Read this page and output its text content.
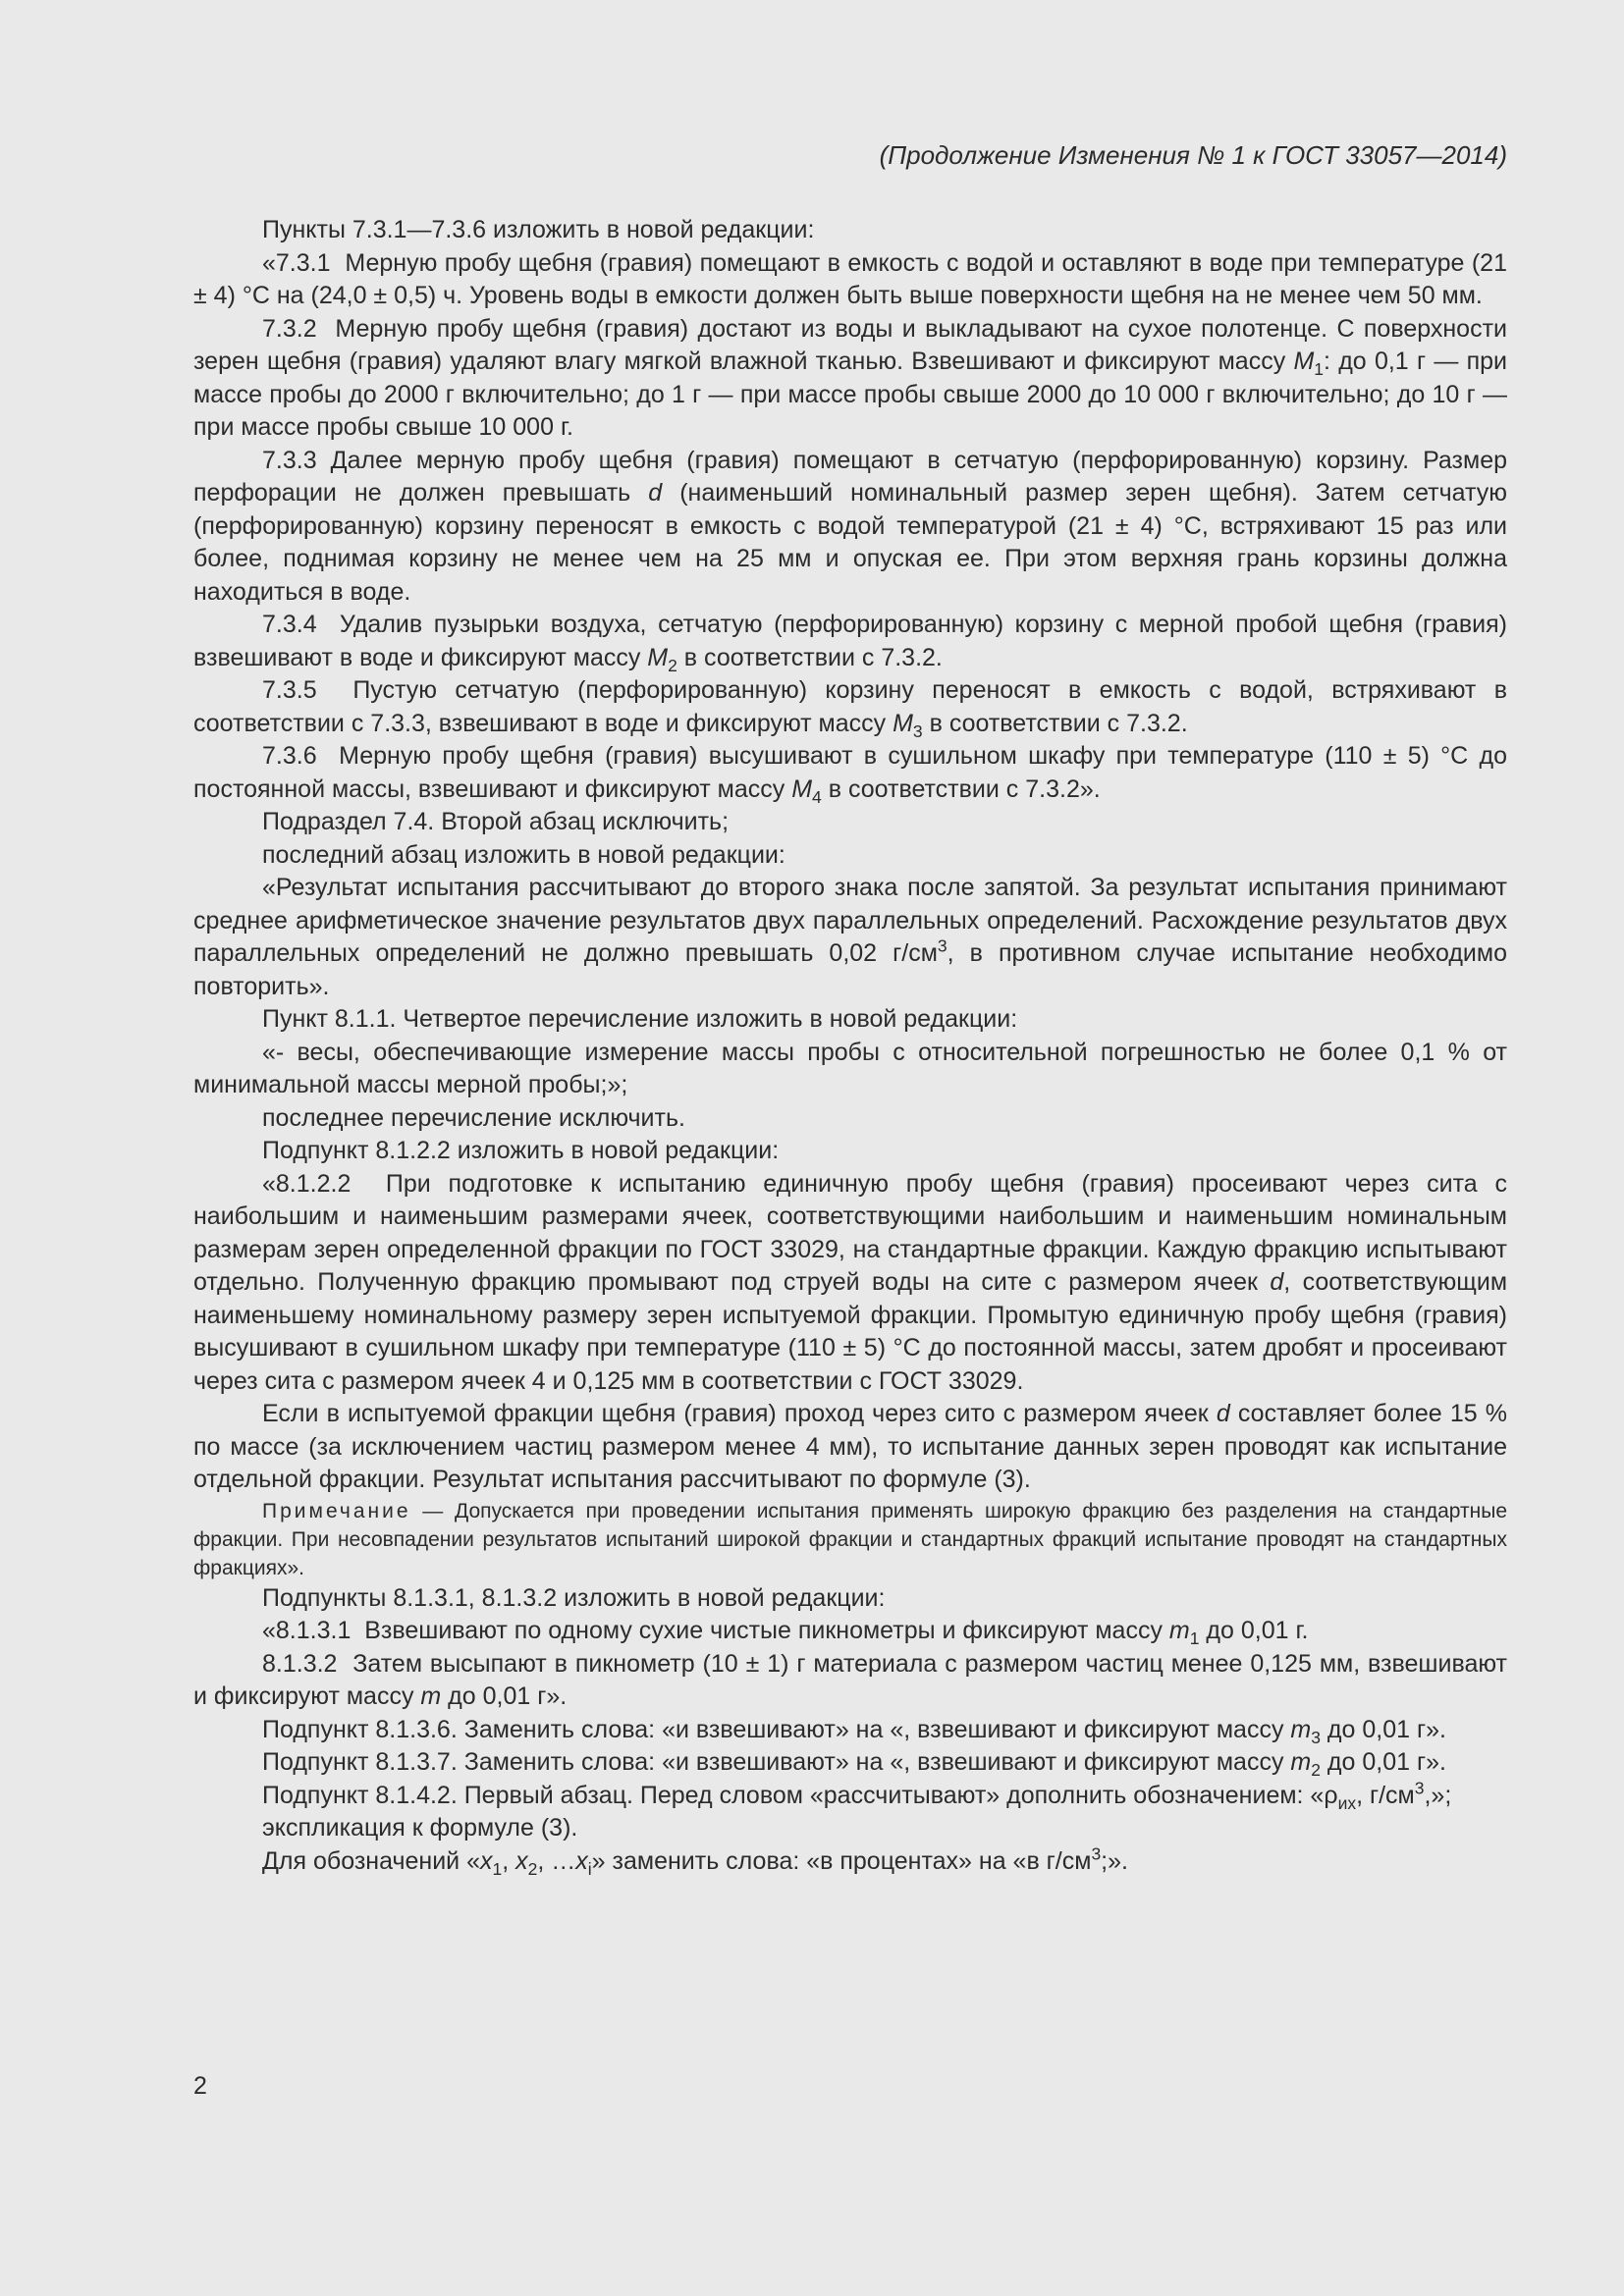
(Продолжение Изменения № 1 к ГОСТ 33057—2014)

Пункты 7.3.1—7.3.6 изложить в новой редакции:

«7.3.1  Мерную пробу щебня (гравия) помещают в емкость с водой и оставляют в воде при температуре (21 ± 4) °С на (24,0 ± 0,5) ч. Уровень воды в емкости должен быть выше поверхности щебня на не менее чем 50 мм.

7.3.2  Мерную пробу щебня (гравия) достают из воды и выкладывают на сухое полотенце. С поверхности зерен щебня (гравия) удаляют влагу мягкой влажной тканью. Взвешивают и фиксируют массу $M_1$: до 0,1 г — при массе пробы до 2000 г включительно; до 1 г — при массе пробы свыше 2000 до 10 000 г включительно; до 10 г — при массе пробы свыше 10 000 г.

7.3.3 Далее мерную пробу щебня (гравия) помещают в сетчатую (перфорированную) корзину. Размер перфорации не должен превышать d (наименьший номинальный размер зерен щебня). Затем сетчатую (перфорированную) корзину переносят в емкость с водой температурой (21 ± 4) °С, встряхивают 15 раз или более, поднимая корзину не менее чем на 25 мм и опуская ее. При этом верхняя грань корзины должна находиться в воде.

7.3.4  Удалив пузырьки воздуха, сетчатую (перфорированную) корзину с мерной пробой щебня (гравия) взвешивают в воде и фиксируют массу $M_2$ в соответствии с 7.3.2.

7.3.5  Пустую сетчатую (перфорированную) корзину переносят в емкость с водой, встряхивают в соответствии с 7.3.3, взвешивают в воде и фиксируют массу $M_3$ в соответствии с 7.3.2.

7.3.6  Мерную пробу щебня (гравия) высушивают в сушильном шкафу при температуре (110 ± 5) °С до постоянной массы, взвешивают и фиксируют массу $M_4$ в соответствии с 7.3.2».

Подраздел 7.4. Второй абзац исключить;

последний абзац изложить в новой редакции:

«Результат испытания рассчитывают до второго знака после запятой. За результат испытания принимают среднее арифметическое значение результатов двух параллельных определений. Расхождение результатов двух параллельных определений не должно превышать 0,02 $г/см^3$, в противном случае испытание необходимо повторить».

Пункт 8.1.1. Четвертое перечисление изложить в новой редакции:

«- весы, обеспечивающие измерение массы пробы с относительной погрешностью не более 0,1 % от минимальной массы мерной пробы;»;

последнее перечисление исключить.

Подпункт 8.1.2.2 изложить в новой редакции:

«8.1.2.2  При подготовке к испытанию единичную пробу щебня (гравия) просеивают через сита с наибольшим и наименьшим размерами ячеек, соответствующими наибольшим и наименьшим номинальным размерам зерен определенной фракции по ГОСТ 33029, на стандартные фракции. Каждую фракцию испытывают отдельно. Полученную фракцию промывают под струей воды на сите с размером ячеек d, соответствующим наименьшему номинальному размеру зерен испытуемой фракции. Промытую единичную пробу щебня (гравия) высушивают в сушильном шкафу при температуре (110 ± 5) °С до постоянной массы, затем дробят и просеивают через сита с размером ячеек 4 и 0,125 мм в соответствии с ГОСТ 33029.

Если в испытуемой фракции щебня (гравия) проход через сито с размером ячеек d составляет более 15 % по массе (за исключением частиц размером менее 4 мм), то испытание данных зерен проводят как испытание отдельной фракции. Результат испытания рассчитывают по формуле (3).

Примечание — Допускается при проведении испытания применять широкую фракцию без разделения на стандартные фракции. При несовпадении результатов испытаний широкой фракции и стандартных фракций испытание проводят на стандартных фракциях».

Подпункты 8.1.3.1, 8.1.3.2 изложить в новой редакции:

«8.1.3.1  Взвешивают по одному сухие чистые пикнометры и фиксируют массу $m_1$ до 0,01 г.

8.1.3.2  Затем высыпают в пикнометр (10 ± 1) г материала с размером частиц менее 0,125 мм, взвешивают и фиксируют массу m до 0,01 г».

Подпункт 8.1.3.6. Заменить слова: «и взвешивают» на «, взвешивают и фиксируют массу $m_3$ до 0,01 г».

Подпункт 8.1.3.7. Заменить слова: «и взвешивают» на «, взвешивают и фиксируют массу $m_2$ до 0,01 г».

Подпункт 8.1.4.2. Первый абзац. Перед словом «рассчитывают» дополнить обозначением: «$\rho_{их}$, $г/см^3$,»;

экспликация к формуле (3).

Для обозначений «$x_1$, $x_2$, $\dots x_i$» заменить слова: «в процентах» на «в $г/см^3$;».

2
